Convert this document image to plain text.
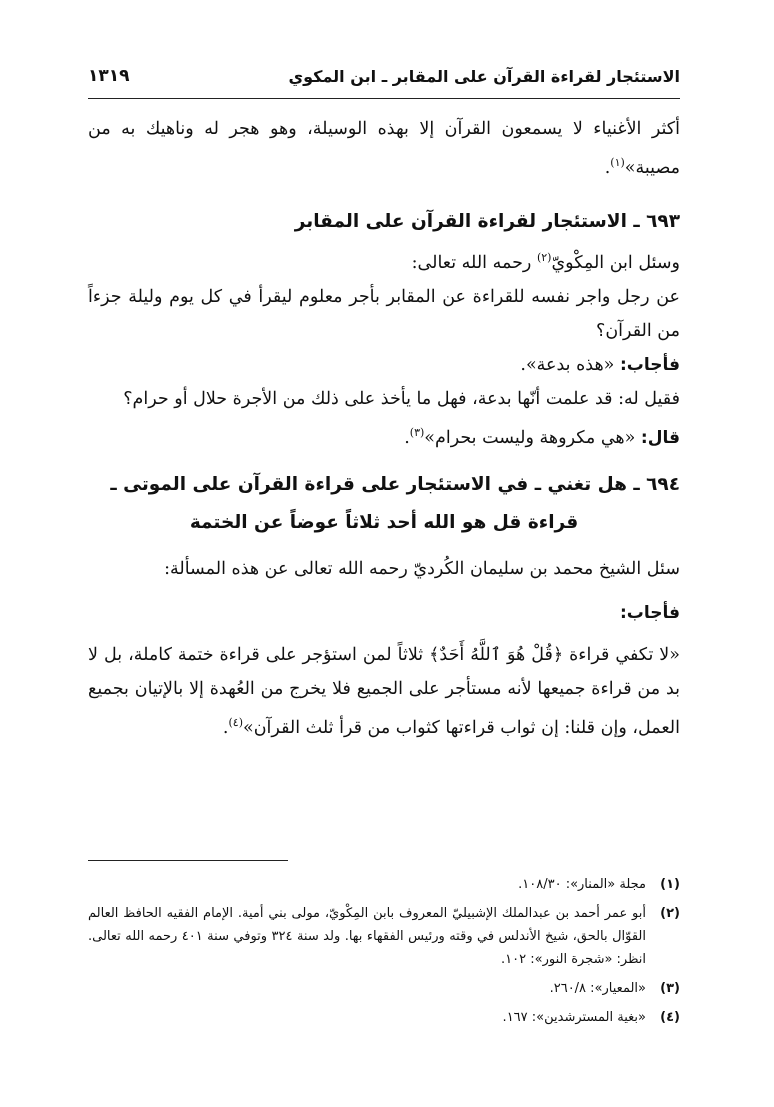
الاستئجار لقراءة القرآن على المقابر ـ ابن المكوي
١٣١٩

أكثر الأغنياء لا يسمعون القرآن إلا بهذه الوسيلة، وهو هجر له وناهيك به من مصيبة»$^{(١)}$.

٦٩٣ ـ الاستئجار لقراءة القرآن على المقابر

وسئل ابن المِكْويّ$^{(٢)}$ رحمه الله تعالى:

عن رجل واجر نفسه للقراءة عن المقابر بأجر معلوم ليقرأ في كل يوم وليلة جزءاً من القرآن؟

فأجاب: «هذه بدعة».

فقيل له: قد علمت أنّها بدعة، فهل ما يأخذ على ذلك من الأجرة حلال أو حرام؟

قال: «هي مكروهة وليست بحرام»$^{(٣)}$.

٦٩٤ ـ هل تغني ـ في الاستئجار على قراءة القرآن على الموتى ـ

قراءة قل هو الله أحد ثلاثاً عوضاً عن الختمة

سئل الشيخ محمد بن سليمان الكُرديّ رحمه الله تعالى عن هذه المسألة:

فأجاب:

«لا تكفي قراءة ﴿قُلْ هُوَ ٱللَّهُ أَحَدٌ﴾ ثلاثاً لمن استؤجر على قراءة ختمة كاملة، بل لا بد من قراءة جميعها لأنه مستأجر على الجميع فلا يخرج من العُهدة إلا بالإتيان بجميع العمل، وإن قلنا: إن ثواب قراءتها كثواب من قرأ ثلث القرآن»$^{(٤)}$.

(١)
مجلة «المنار»: ١٠٨/٣٠.
(٢)
أبو عمر أحمد بن عبدالملك الإشبيليّ المعروف بابن المِكْويّ، مولى بني أمية. الإمام الفقيه الحافظ العالم القوّال بالحق، شيخ الأندلس في وقته ورئيس الفقهاء بها. ولد سنة ٣٢٤ وتوفي سنة ٤٠١ رحمه الله تعالى. انظر: «شجرة النور»: ١٠٢.
(٣)
«المعيار»: ٢٦٠/٨.
(٤)
«بغية المسترشدين»: ١٦٧.
